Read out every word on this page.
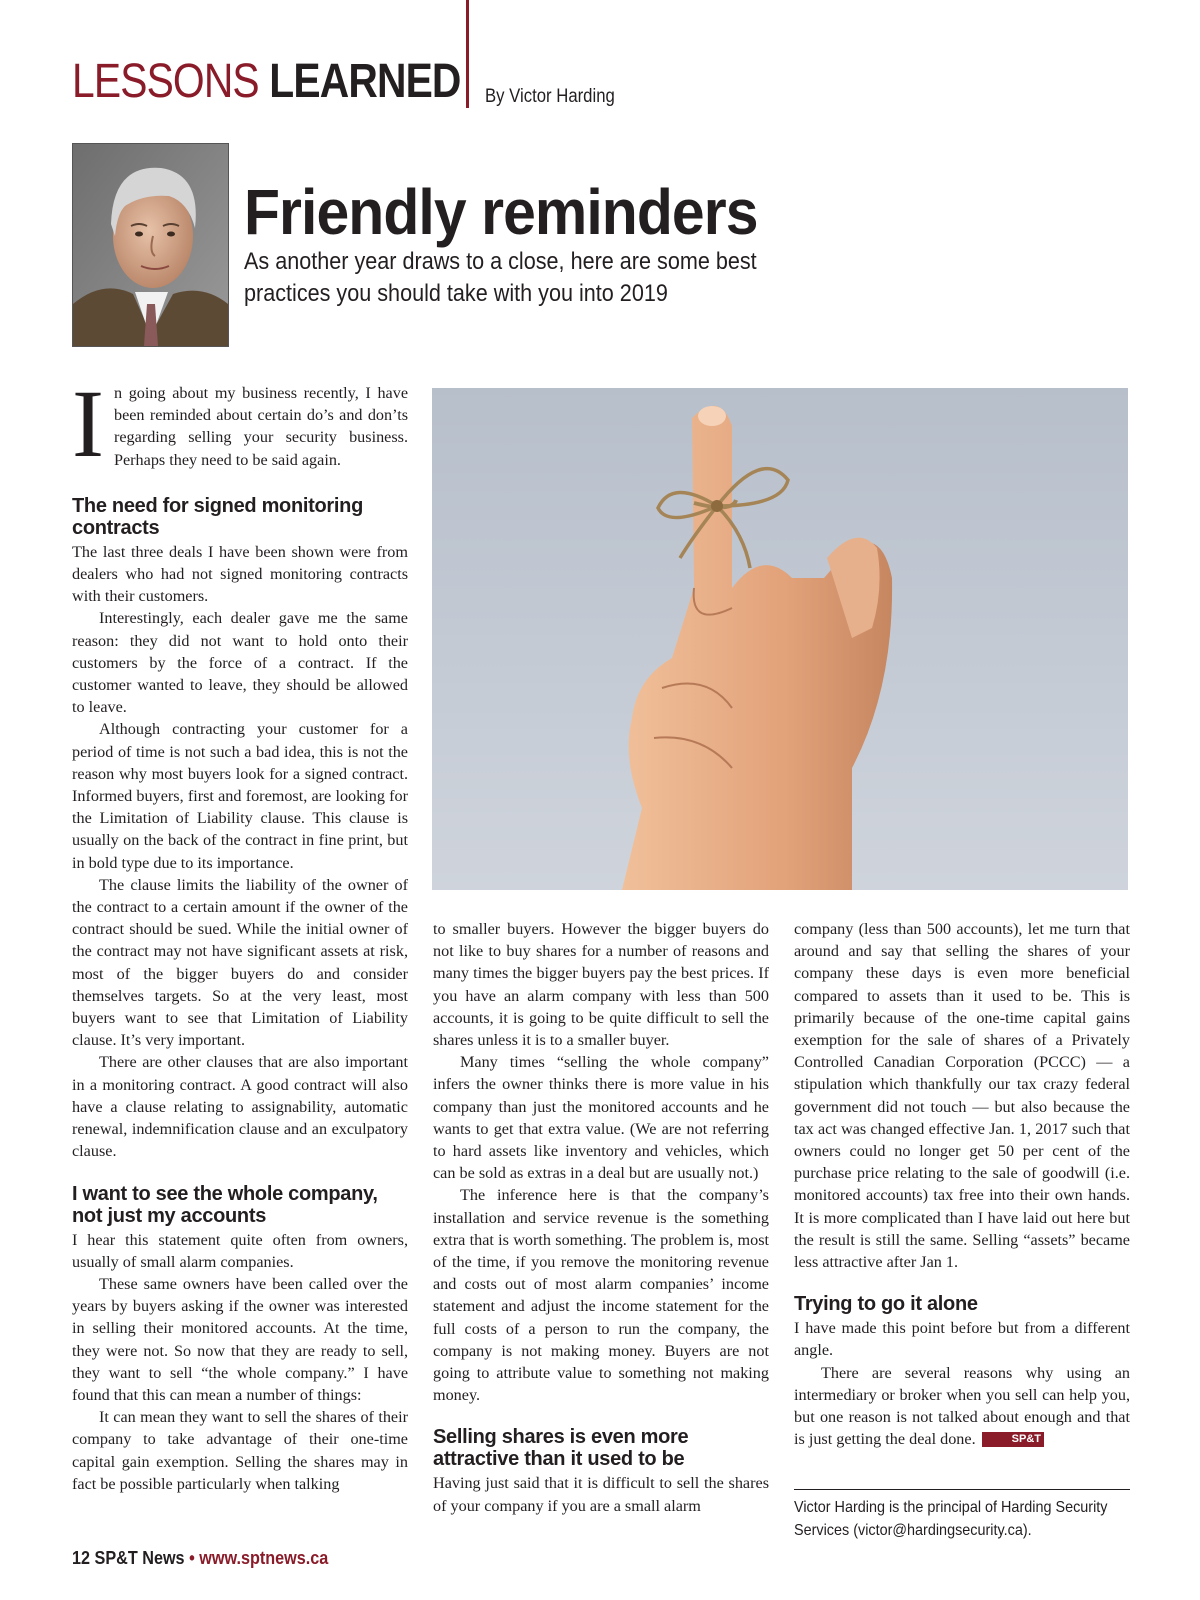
LESSONS LEARNED By Victor Harding
Friendly reminders
As another year draws to a close, here are some best practices you should take with you into 2019

In going about my business recently, I have been reminded about certain do’s and don’ts regarding selling your security business. Perhaps they need to be said again.

The need for signed monitoring contracts

The last three deals I have been shown were from dealers who had not signed monitoring contracts with their customers.

Interestingly, each dealer gave me the same reason: they did not want to hold onto their customers by the force of a contract. If the customer wanted to leave, they should be allowed to leave.

Although contracting your customer for a period of time is not such a bad idea, this is not the reason why most buyers look for a signed contract. Informed buyers, first and foremost, are looking for the Limitation of Liability clause. This clause is usually on the back of the contract in fine print, but in bold type due to its importance.

The clause limits the liability of the owner of the contract to a certain amount if the owner of the contract should be sued. While the initial owner of the contract may not have significant assets at risk, most of the bigger buyers do and consider themselves targets. So at the very least, most buyers want to see that Limitation of Liability clause. It’s very important.

There are other clauses that are also important in a monitoring contract. A good contract will also have a clause relating to assignability, automatic renewal, indemnification clause and an exculpatory clause.

I want to see the whole company, not just my accounts

I hear this statement quite often from owners, usually of small alarm companies.

These same owners have been called over the years by buyers asking if the owner was interested in selling their monitored accounts. At the time, they were not. So now that they are ready to sell, they want to sell “the whole company.” I have found that this can mean a number of things:

It can mean they want to sell the shares of their company to take advantage of their one-time capital gain exemption. Selling the shares may in fact be possible particularly when talking

to smaller buyers. However the bigger buyers do not like to buy shares for a number of reasons and many times the bigger buyers pay the best prices. If you have an alarm company with less than 500 accounts, it is going to be quite difficult to sell the shares unless it is to a smaller buyer.

Many times “selling the whole company” infers the owner thinks there is more value in his company than just the monitored accounts and he wants to get that extra value. (We are not referring to hard assets like inventory and vehicles, which can be sold as extras in a deal but are usually not.)

The inference here is that the company’s installation and service revenue is the something extra that is worth something. The problem is, most of the time, if you remove the monitoring revenue and costs out of most alarm companies’ income statement and adjust the income statement for the full costs of a person to run the company, the company is not making money. Buyers are not going to attribute value to something not making money.

Selling shares is even more attractive than it used to be

Having just said that it is difficult to sell the shares of your company if you are a small alarm

company (less than 500 accounts), let me turn that around and say that selling the shares of your company these days is even more beneficial compared to assets than it used to be. This is primarily because of the one-time capital gains exemption for the sale of shares of a Privately Controlled Canadian Corporation (PCCC) — a stipulation which thankfully our tax crazy federal government did not touch — but also because the tax act was changed effective Jan. 1, 2017 such that owners could no longer get 50 per cent of the purchase price relating to the sale of goodwill (i.e. monitored accounts) tax free into their own hands. It is more complicated than I have laid out here but the result is still the same. Selling “assets” became less attractive after Jan 1.

Trying to go it alone

I have made this point before but from a different angle.

There are several reasons why using an intermediary or broker when you sell can help you, but one reason is not talked about enough and that is just getting the deal done.	SP&T

Victor Harding is the principal of Harding Security Services (victor@hardingsecurity.ca).
12 SP&T News • www.sptnews.ca
